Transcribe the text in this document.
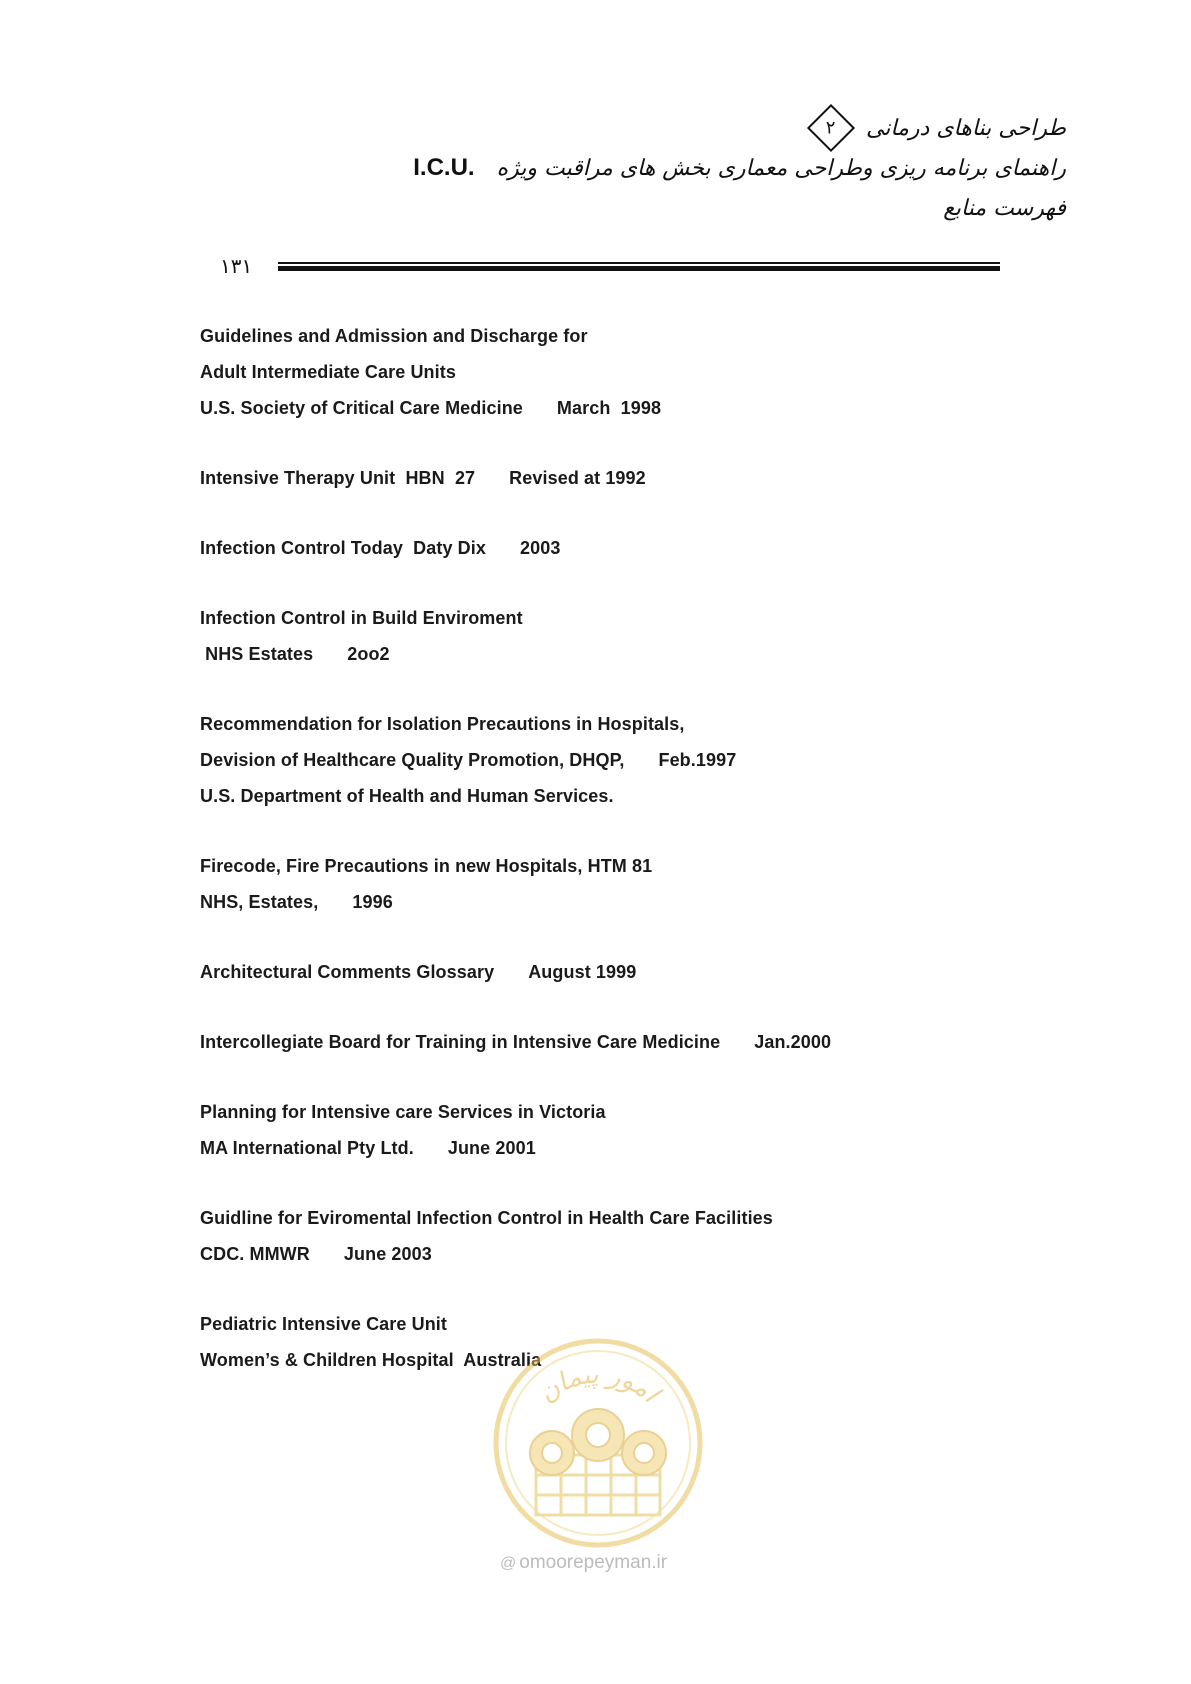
طراحی بناهای درمانی
۲
راهنمای برنامه ریزی وطراحی معماری بخش های مراقبت ویژه
I.C.U.
فهرست منابع
۱۳۱
Guidelines and Admission and Discharge for
Adult Intermediate Care Units
U.S. Society of Critical Care Medicine March  1998
Intensive Therapy Unit  HBN  27 Revised at 1992
Infection Control Today  Daty Dix 2003
Infection Control in Build Enviroment
NHS Estates 2oo2
Recommendation for Isolation Precautions in Hospitals,
Devision of Healthcare Quality Promotion, DHQP, Feb.1997
U.S. Department of Health and Human Services.
Firecode, Fire Precautions in new Hospitals, HTM 81
NHS, Estates, 1996
Architectural Comments Glossary August 1999
Intercollegiate Board for Training in Intensive Care Medicine Jan.2000
Planning for Intensive care Services in Victoria
MA International Pty Ltd. June 2001
Guidline for Eviromental Infection Control in Health Care Facilities
CDC. MMWR June 2003
Pediatric Intensive Care Unit
Women’s & Children Hospital  Australia
امور پیمان
@ omoorepeyman.ir
